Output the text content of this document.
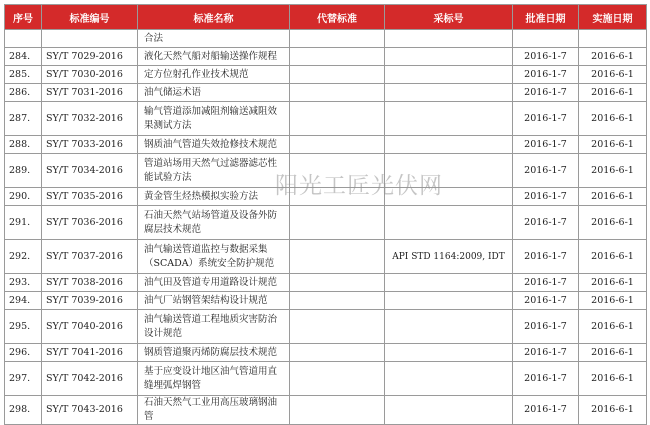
序号	标准编号	标准名称	代替标准	采标号	批准日期	实施日期
		合法				
284.	SY/T 7029-2016	液化天然气船对船输送操作规程			2016-1-7	2016-6-1
285.	SY/T 7030-2016	定方位射孔作业技术规范			2016-1-7	2016-6-1
286.	SY/T 7031-2016	油气储运术语			2016-1-7	2016-6-1
287.	SY/T 7032-2016	输气管道添加减阻剂输送减阻效果测试方法			2016-1-7	2016-6-1
288.	SY/T 7033-2016	钢质油气管道失效抢修技术规范			2016-1-7	2016-6-1
289.	SY/T 7034-2016	管道站场用天然气过滤器滤芯性能试验方法			2016-1-7	2016-6-1
290.	SY/T 7035-2016	黄金管生烃热模拟实验方法			2016-1-7	2016-6-1
291.	SY/T 7036-2016	石油天然气站场管道及设备外防腐层技术规范			2016-1-7	2016-6-1
292.	SY/T 7037-2016	油气输送管道监控与数据采集（SCADA）系统安全防护规范		API STD 1164:2009, IDT	2016-1-7	2016-6-1
293.	SY/T 7038-2016	油气田及管道专用道路设计规范			2016-1-7	2016-6-1
294.	SY/T 7039-2016	油气厂站钢管架结构设计规范			2016-1-7	2016-6-1
295.	SY/T 7040-2016	油气输送管道工程地质灾害防治设计规范			2016-1-7	2016-6-1
296.	SY/T 7041-2016	钢质管道聚丙烯防腐层技术规范			2016-1-7	2016-6-1
297.	SY/T 7042-2016	基于应变设计地区油气管道用直缝埋弧焊钢管			2016-1-7	2016-6-1
298.	SY/T 7043-2016	石油天然气工业用高压玻璃钢油管			2016-1-7	2016-6-1
阳光工匠光伏网
